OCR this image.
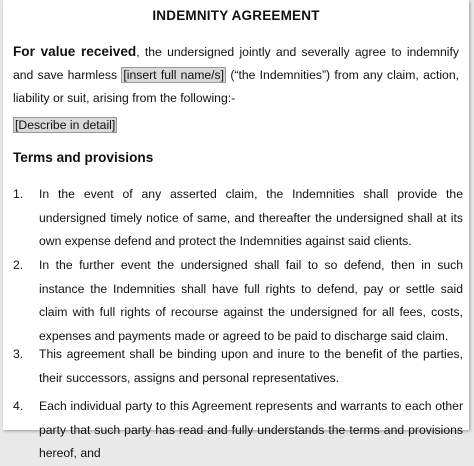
INDEMNITY AGREEMENT
For value received, the undersigned jointly and severally agree to indemnify and save harmless [insert full name/s] (“the Indemnities”) from any claim, action, liability or suit, arising from the following:-
[Describe in detail]
Terms and provisions
1.	In the event of any asserted claim, the Indemnities shall provide the undersigned timely notice of same, and thereafter the undersigned shall at its own expense defend and protect the Indemnities against said clients.
2.	In the further event the undersigned shall fail to so defend, then in such instance the Indemnities shall have full rights to defend, pay or settle said claim with full rights of recourse against the undersigned for all fees, costs, expenses and payments made or agreed to be paid to discharge said claim.
3.	This agreement shall be binding upon and inure to the benefit of the parties, their successors, assigns and personal representatives.
4.	Each individual party to this Agreement represents and warrants to each other party that such party has read and fully understands the terms and provisions hereof, and
